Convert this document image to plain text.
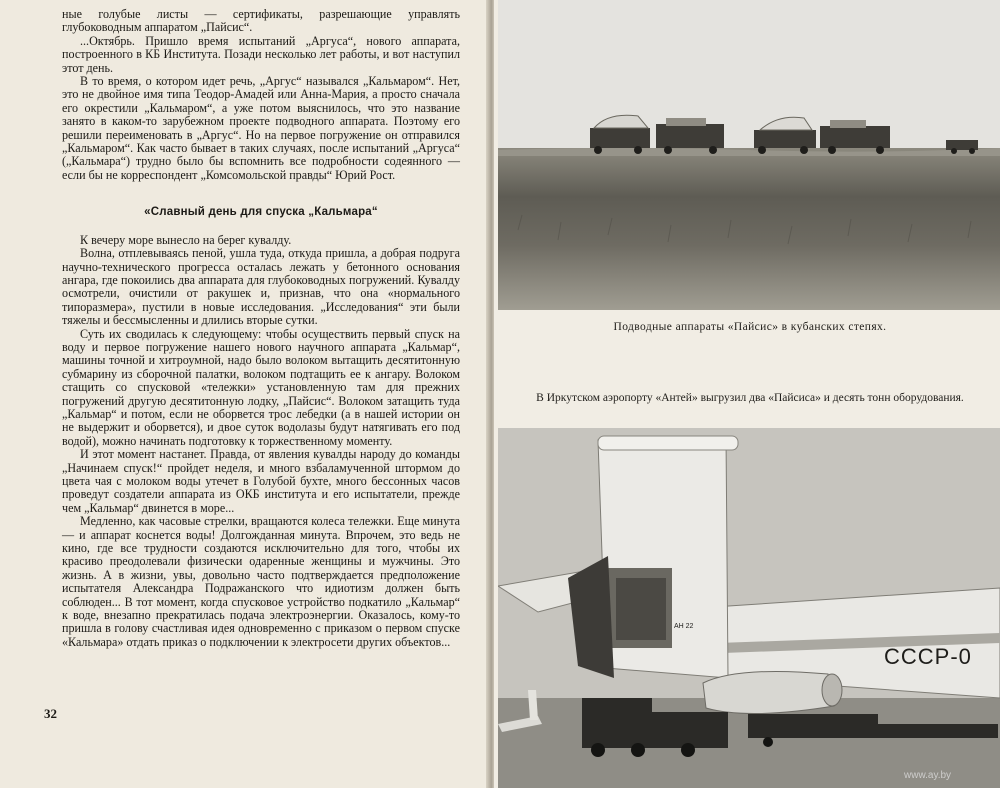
ные голубые листы — сертификаты, разрешающие управлять глубоководным аппаратом „Пайсис“.

...Октябрь. Пришло время испытаний „Аргуса“, нового аппарата, построенного в КБ Института. Позади несколько лет работы, и вот наступил этот день.

В то время, о котором идет речь, „Аргус“ назывался „Кальмаром“. Нет, это не двойное имя типа Теодор-Амадей или Анна-Мария, а просто сначала его окрестили „Кальмаром“, а уже потом выяснилось, что это название занято в каком-то зарубежном проекте подводного аппарата. Поэтому его решили переименовать в „Аргус“. Но на первое погружение он отправился „Кальмаром“. Как часто бывает в таких случаях, после испытаний „Аргуса“ („Кальмара“) трудно было бы вспомнить все подробности содеянного — если бы не корреспондент „Комсомольской правды“ Юрий Рост.

«Славный день для спуска „Кальмара“

К вечеру море вынесло на берег кувалду.

Волна, отплевываясь пеной, ушла туда, откуда пришла, а добрая подруга научно-технического прогресса осталась лежать у бетонного основания ангара, где покоились два аппарата для глубоководных погружений. Кувалду осмотрели, очистили от ракушек и, признав, что она «нормального типоразмера», пустили в новые исследования. „Исследования“ эти были тяжелы и бессмысленны и длились вторые сутки.

Суть их сводилась к следующему: чтобы осуществить первый спуск на воду и первое погружение нашего нового научного аппарата „Кальмар“, машины точной и хитроумной, надо было волоком вытащить десятитонную субмарину из сборочной палатки, волоком подтащить ее к ангару. Волоком стащить со спусковой «тележки» установленную там для прежних погружений другую десятитонную лодку, „Пайсис“. Волоком затащить туда „Кальмар“ и потом, если не оборвется трос лебедки (а в нашей истории он не выдержит и оборвется), и двое суток водолазы будут натягивать его под водой), можно начинать подготовку к торжественному моменту.

И этот момент настанет. Правда, от явления кувалды народу до команды „Начинаем спуск!“ пройдет неделя, и много взбаламученной штормом до цвета чая с молоком воды утечет в Голубой бухте, много бессонных часов проведут создатели аппарата из ОКБ института и его испытатели, прежде чем „Кальмар“ двинется в море...

Медленно, как часовые стрелки, вращаются колеса тележки. Еще минута — и аппарат коснется воды! Долгожданная минута. Впрочем, это ведь не кино, где все трудности создаются исключительно для того, чтобы их красиво преодолевали физически одаренные женщины и мужчины. Это жизнь. А в жизни, увы, довольно часто подтверждается предположение испытателя Александра Подражанского что идиотизм должен быть соблюден... В тот момент, когда спусковое устройство подкатило „Кальмар“ к воде, внезапно прекратилась подача электроэнергии. Оказалось, кому-то пришла в голову счастливая идея одновременно с приказом о первом спуске «Кальмара» отдать приказ о подключении к электросети других объектов...

32
Подводные аппараты «Пайсис» в кубанских степях.
В Иркутском аэропорту «Антей» выгрузил два «Пайсиса» и десять тонн оборудования.
СССР-0
АН 22
www.ay.by
